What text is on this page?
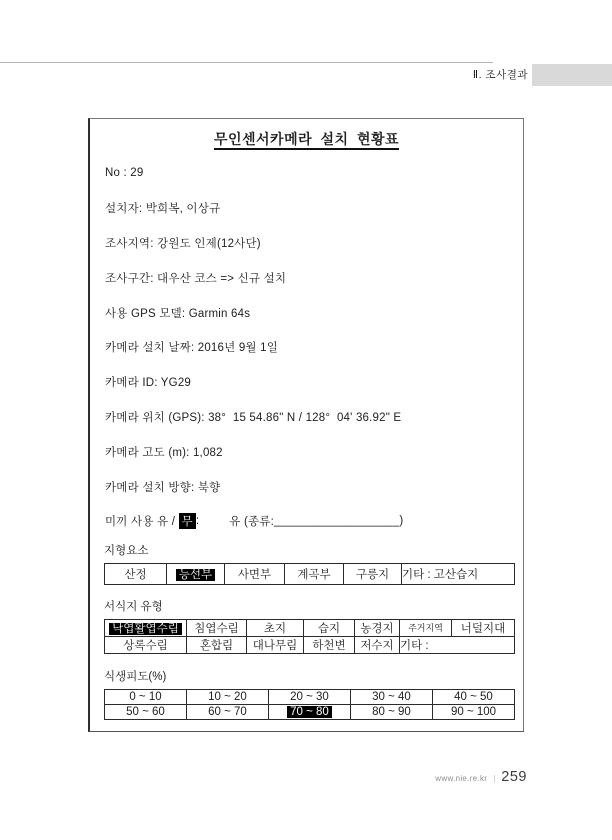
Ⅱ. 조사결과
무인센서카메라 설치 현황표
No : 29
설치자: 박희복, 이상규
조사지역: 강원도 인제(12사단)
조사구간: 대우산 코스 => 신규 설치
사용 GPS 모델: Garmin 64s
카메라 설치 날짜: 2016년 9월 1일
카메라 ID: YG29
카메라 위치 (GPS): 38°  15 54.86" N / 128°  04' 36.92" E
카메라 고도 (m): 1,082
카메라 설치 방향: 북향
미끼 사용 유 / 무 :	유 (종류: ___________________ )
지형요소
산정	능선부	사면부	계곡부	구릉지	기타 : 고산습지
서식지 유형
낙엽활엽수림	침엽수림	초지	습지	농경지	주거지역	너덜지대
상록수림	혼합림	대나무림	하천변	저수지	기타 :	
식생피도(%)
0 ~ 10	10 ~ 20	20 ~ 30	30 ~ 40	40 ~ 50
50 ~ 60	60 ~ 70	70 ~ 80	80 ~ 90	90 ~ 100
www.nie.re.kr | 259
